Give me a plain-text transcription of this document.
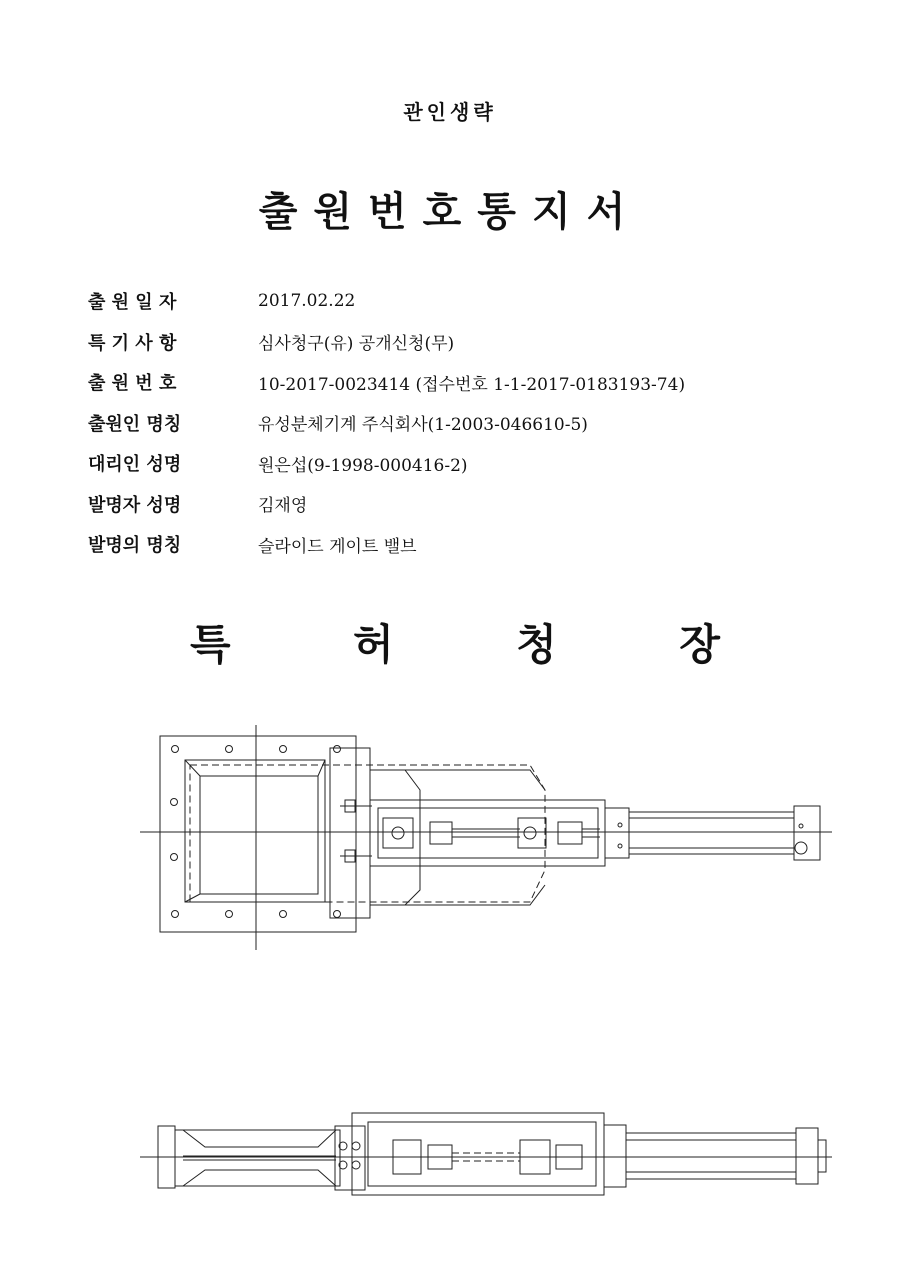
관인생략
출원번호통지서
출 원 일 자	2017.02.22
특 기 사 항	심사청구(유) 공개신청(무)
출 원 번 호	10-2017-0023414 (접수번호 1-1-2017-0183193-74)
출원인 명칭	유성분체기계 주식회사(1-2003-046610-5)
대리인 성명	원은섭(9-1998-000416-2)
발명자 성명	김재영
발명의 명칭	슬라이드 게이트 밸브
특	허	청	장
